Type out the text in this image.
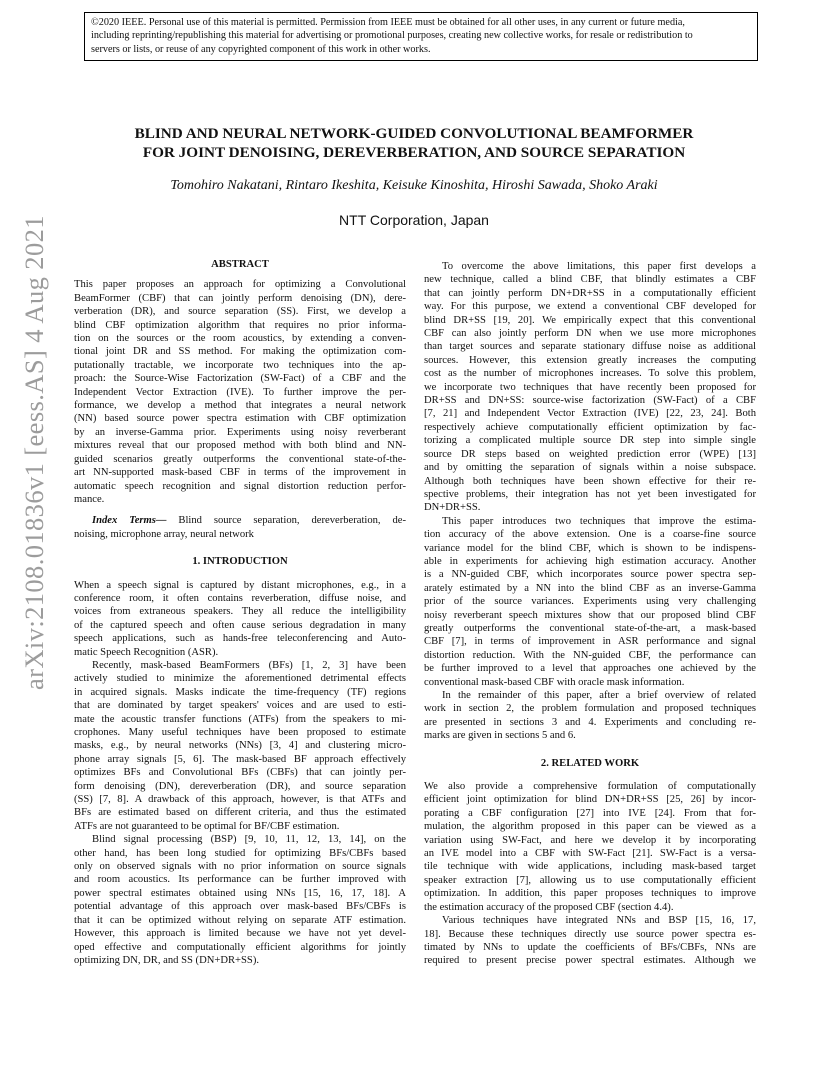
©2020 IEEE. Personal use of this material is permitted. Permission from IEEE must be obtained for all other uses, in any current or future media,
including reprinting/republishing this material for advertising or promotional purposes, creating new collective works, for resale or redistribution to
servers or lists, or reuse of any copyrighted component of this work in other works.
BLIND AND NEURAL NETWORK-GUIDED CONVOLUTIONAL BEAMFORMER
FOR JOINT DENOISING, DEREVERBERATION, AND SOURCE SEPARATION
Tomohiro Nakatani, Rintaro Ikeshita, Keisuke Kinoshita, Hiroshi Sawada, Shoko Araki
NTT Corporation, Japan
arXiv:2108.01836v1 [eess.AS] 4 Aug 2021	ABSTRACT
This paper proposes an approach for optimizing a Convolutional
BeamFormer (CBF) that can jointly perform denoising (DN), dere-
verberation (DR), and source separation (SS). First, we develop a
blind CBF optimization algorithm that requires no prior informa-
tion on the sources or the room acoustics, by extending a conven-
tional joint DR and SS method. For making the optimization com-
putationally tractable, we incorporate two techniques into the ap-
proach: the Source-Wise Factorization (SW-Fact) of a CBF and the
Independent Vector Extraction (IVE). To further improve the per-
formance, we develop a method that integrates a neural network
(NN) based source power spectra estimation with CBF optimization
by an inverse-Gamma prior. Experiments using noisy reverberant
mixtures reveal that our proposed method with both blind and NN-
guided scenarios greatly outperforms the conventional state-of-the-
art NN-supported mask-based CBF in terms of the improvement in
automatic speech recognition and signal distortion reduction perfor-
mance.
Index Terms— Blind source separation, dereverberation, de-
noising, microphone array, neural network
1. INTRODUCTION
When a speech signal is captured by distant microphones, e.g., in a
conference room, it often contains reverberation, diffuse noise, and
voices from extraneous speakers. They all reduce the intelligibility
of the captured speech and often cause serious degradation in many
speech applications, such as hands-free teleconferencing and Auto-
matic Speech Recognition (ASR).
Recently, mask-based BeamFormers (BFs) [1, 2, 3] have been
actively studied to minimize the aforementioned detrimental effects
in acquired signals. Masks indicate the time-frequency (TF) regions
that are dominated by target speakers' voices and are used to esti-
mate the acoustic transfer functions (ATFs) from the speakers to mi-
crophones. Many useful techniques have been proposed to estimate
masks, e.g., by neural networks (NNs) [3, 4] and clustering micro-
phone array signals [5, 6]. The mask-based BF approach effectively
optimizes BFs and Convolutional BFs (CBFs) that can jointly per-
form denoising (DN), dereverberation (DR), and source separation
(SS) [7, 8]. A drawback of this approach, however, is that ATFs and
BFs are estimated based on different criteria, and thus the estimated
ATFs are not guaranteed to be optimal for BF/CBF estimation.
Blind signal processing (BSP) [9, 10, 11, 12, 13, 14], on the
other hand, has been long studied for optimizing BFs/CBFs based
only on observed signals with no prior information on source signals
and room acoustics. Its performance can be further improved with
power spectral estimates obtained using NNs [15, 16, 17, 18]. A
potential advantage of this approach over mask-based BFs/CBFs is
that it can be optimized without relying on separate ATF estimation.
However, this approach is limited because we have not yet devel-
oped effective and computationally efficient algorithms for jointly
optimizing DN, DR, and SS (DN+DR+SS).
To overcome the above limitations, this paper first develops a
new technique, called a blind CBF, that blindly estimates a CBF
that can jointly perform DN+DR+SS in a computationally efficient
way. For this purpose, we extend a conventional CBF developed for
blind DR+SS [19, 20]. We empirically expect that this conventional
CBF can also jointly perform DN when we use more microphones
than target sources and separate stationary diffuse noise as additional
sources. However, this extension greatly increases the computing
cost as the number of microphones increases. To solve this problem,
we incorporate two techniques that have recently been proposed for
DR+SS and DN+SS: source-wise factorization (SW-Fact) of a CBF
[7, 21] and Independent Vector Extraction (IVE) [22, 23, 24]. Both
respectively achieve computationally efficient optimization by fac-
torizing a complicated multiple source DR step into simple single
source DR steps based on weighted prediction error (WPE) [13]
and by omitting the separation of signals within a noise subspace.
Although both techniques have been shown effective for their re-
spective problems, their integration has not yet been investigated for
DN+DR+SS.
This paper introduces two techniques that improve the estima-
tion accuracy of the above extension. One is a coarse-fine source
variance model for the blind CBF, which is shown to be indispens-
able in experiments for achieving high estimation accuracy. Another
is a NN-guided CBF, which incorporates source power spectra sep-
arately estimated by a NN into the blind CBF as an inverse-Gamma
prior of the source variances. Experiments using very challenging
noisy reverberant speech mixtures show that our proposed blind CBF
greatly outperforms the conventional state-of-the-art, a mask-based
CBF [7], in terms of improvement in ASR performance and signal
distortion reduction. With the NN-guided CBF, the performance can
be further improved to a level that approaches one achieved by the
conventional mask-based CBF with oracle mask information.
In the remainder of this paper, after a brief overview of related
work in section 2, the problem formulation and proposed techniques
are presented in sections 3 and 4. Experiments and concluding re-
marks are given in sections 5 and 6.
2. RELATED WORK
We also provide a comprehensive formulation of computationally
efficient joint optimization for blind DN+DR+SS [25, 26] by incor-
porating a CBF configuration [27] into IVE [24]. From that for-
mulation, the algorithm proposed in this paper can be viewed as a
variation using SW-Fact, and here we develop it by incorporating
an IVE model into a CBF with SW-Fact [21]. SW-Fact is a versa-
tile technique with wide applications, including mask-based target
speaker extraction [7], allowing us to use computationally efficient
optimization. In addition, this paper proposes techniques to improve
the estimation accuracy of the proposed CBF (section 4.4).
Various techniques have integrated NNs and BSP [15, 16, 17,
18]. Because these techniques directly use source power spectra es-
timated by NNs to update the coefficients of BFs/CBFs, NNs are
required to present precise power spectral estimates. Although we
